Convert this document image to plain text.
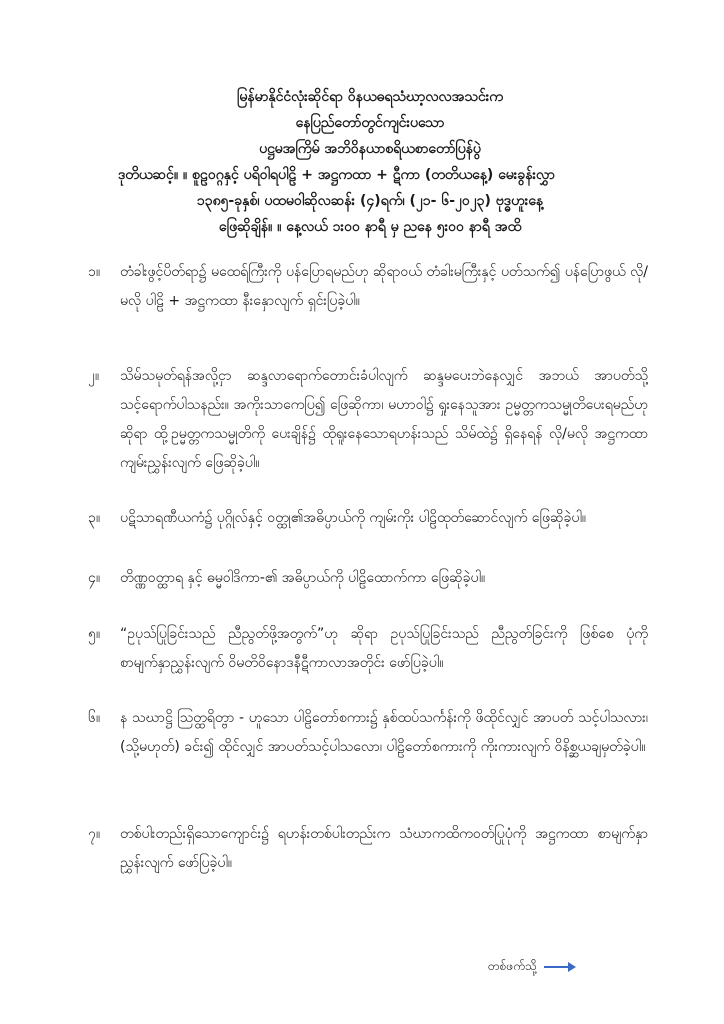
မြန်မာနိုင်ငံလုံးဆိုင်ရာ ဝိနယဓရသံဃာ့လလအသင်းက
နေပြည်တော်တွင်ကျင်းပသော
ပဋ္ဌမအကြိမ် အဘိဝိနယာစရိယစာတော်ပြန်ပွဲ
ဒုတိယဆင့်။ ။ စူဠဝဂ္ဂနှင့် ပရိဝါရပါဠိ + အဋ္ဌကထာ + ဋီကာ (တတိယနေ့) မေးခွန်းလွှာ
၁၃၈၅-ခုနှစ်၊ ပထမဝါဆိုလဆန်း (၄)ရက်၊ (၂၁- ၆-၂၀၂၃) ဗုဒ္ဓဟူးနေ့
ဖြေဆိုချိန်။ ။ နေ့လယ် ၁း၀၀ နာရီ မှ ညနေ ၅း၀၀ နာရီ အထိ
၁။	တံခါးဖွင့်ပိတ်ရာ၌ မထေရ်ကြီးကို ပန်ပြောရမည်ဟု ဆိုရာဝယ် တံခါးမကြီးနှင့် ပတ်သက်၍ ပန်ပြောဖွယ် လို/မလို ပါဠိ + အဋ္ဌကထာ နီးနှောလျက် ရှင်းပြခဲ့ပါ။
၂။	သိမ်သမုတ်ရန်အလို့ငှာ ဆန္ဒလာရောက်တောင်းခံပါလျက် ဆန္ဒမပေးဘဲနေလျှင် အဘယ် အာပတ်သို့ သင့်ရောက်ပါသနည်း။ အကိုးသာကေပြ၍ ဖြေဆိုကာ၊ မဟာဝါ၌ ရှုးနေသူအား ဥမ္မတ္တကသမ္မုတိပေးရမည်ဟု ဆိုရာ ထို့ဥမ္မတ္တကသမ္မုတိကို ပေးချိန်၌ ထိုရူးနေသောရဟန်းသည် သိမ်ထဲ၌ ရှိနေရန် လို/မလို အဋ္ဌကထာ ကျမ်းညွှန်းလျက် ဖြေဆိုခဲ့ပါ။
၃။	ပဋိသာရဏီယကံ၌ ပုဂ္ဂိုလ်နှင့် ဝတ္ထု၏အဓိပ္ပာယ်ကို ကျမ်းကိုး ပါဠိထုတ်ဆောင်လျက် ဖြေဆိုခဲ့ပါ။
၄။	တိဏ္ဏဝတ္ထာရ နှင့် ဓမ္မဝါဒိကာ-၏ အဓိပ္ပာယ်ကို ပါဠိထောက်ကာ ဖြေဆိုခဲ့ပါ။
၅။	“ဥပုသ်ပြုခြင်းသည် ညီညွတ်ဖို့အတွက်”ဟု ဆိုရာ ဥပုသ်ပြုခြင်းသည် ညီညွတ်ခြင်းကို ဖြစ်စေ ပုံကို စာမျက်နှာညွှန်းလျက် ဝိမတိဝိနောဒနီဋီကာလာအတိုင်း ဖော်ပြခဲ့ပါ။
၆။	န သဃာဋ္ဌိ ဩတ္ထရိတ္ဗာ - ဟူသော ပါဠိတော်စကား၌ နှစ်ထပ်သင်္ကန်းကို ဖိထိုင်လျှင် အာပတ် သင့်ပါသလား၊ (သို့မဟုတ်) ခင်း၍ ထိုင်လျှင် အာပတ်သင့်ပါသလော၊ ပါဠိတော်စကားကို ကိုးကားလျက် ဝိနိစ္ဆယချမှတ်ခဲ့ပါ။
၇။	တစ်ပါးတည်းရှိသောကျောင်း၌ ရဟန်းတစ်ပါးတည်းက သံဃာကထိကဝတ်ပြုပုံကို အဋ္ဌကထာ စာမျက်နှာညွှန်းလျက် ဖော်ပြခဲ့ပါ။
တစ်ဖက်သို့
